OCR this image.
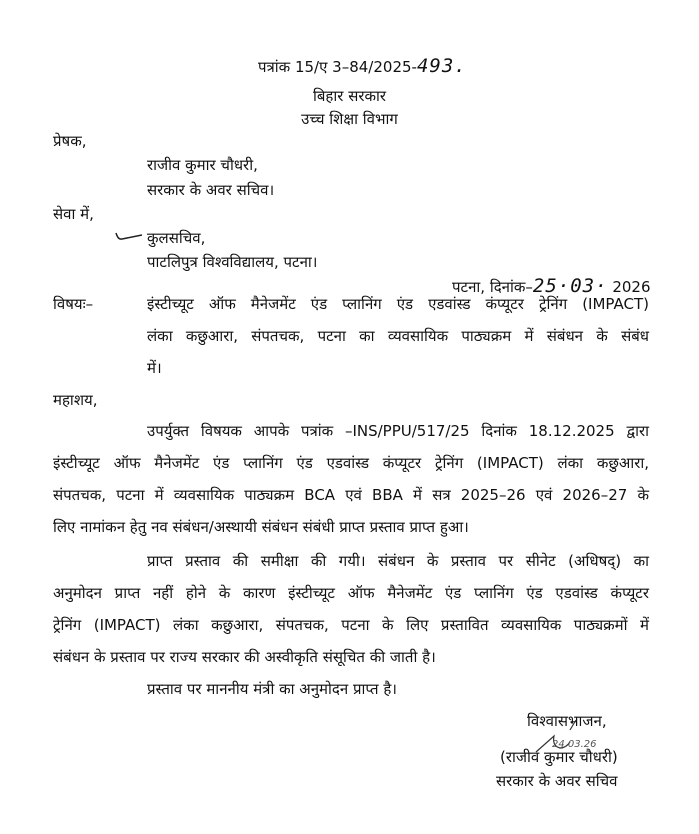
पत्रांक 15/ए 3–84/2025-493.
बिहार सरकार
उच्च शिक्षा विभाग
प्रेषक,
राजीव कुमार चौधरी,
सरकार के अवर सचिव।
सेवा में,
कुलसचिव,
पाटलिपुत्र विश्वविद्यालय, पटना।
पटना, दिनांक–25·03· 2026
विषयः–	इंस्टीच्यूट ऑफ मैनेजमेंट एंड प्लानिंग एंड एडवांस्ड कंप्यूटर ट्रेनिंग (IMPACT)
लंका कछुआरा, संपतचक, पटना का व्यवसायिक पाठ्यक्रम में संबंधन के संबंध
में।
महाशय,
उपर्युक्त विषयक आपके पत्रांक –INS/PPU/517/25 दिनांक 18.12.2025 द्वारा
इंस्टीच्यूट ऑफ मैनेजमेंट एंड प्लानिंग एंड एडवांस्ड कंप्यूटर ट्रेनिंग (IMPACT) लंका कछुआरा,
संपतचक, पटना में व्यवसायिक पाठ्यक्रम BCA एवं BBA में सत्र 2025–26 एवं 2026–27 के
लिए नामांकन हेतु नव संबंधन/अस्थायी संबंधन संबंधी प्राप्त प्रस्ताव प्राप्त हुआ।
प्राप्त प्रस्ताव की समीक्षा की गयी। संबंधन के प्रस्ताव पर सीनेट (अधिषद्) का
अनुमोदन प्राप्त नहीं होने के कारण इंस्टीच्यूट ऑफ मैनेजमेंट एंड प्लानिंग एंड एडवांस्ड कंप्यूटर
ट्रेनिंग (IMPACT) लंका कछुआरा, संपतचक, पटना के लिए प्रस्तावित व्यवसायिक पाठ्यक्रमों में
संबंधन के प्रस्ताव पर राज्य सरकार की अस्वीकृति संसूचित की जाती है।
प्रस्ताव पर माननीय मंत्री का अनुमोदन प्राप्त है।
विश्वासभाजन,
24.03.26
(राजीव कुमार चौधरी)
सरकार के अवर सचिव
